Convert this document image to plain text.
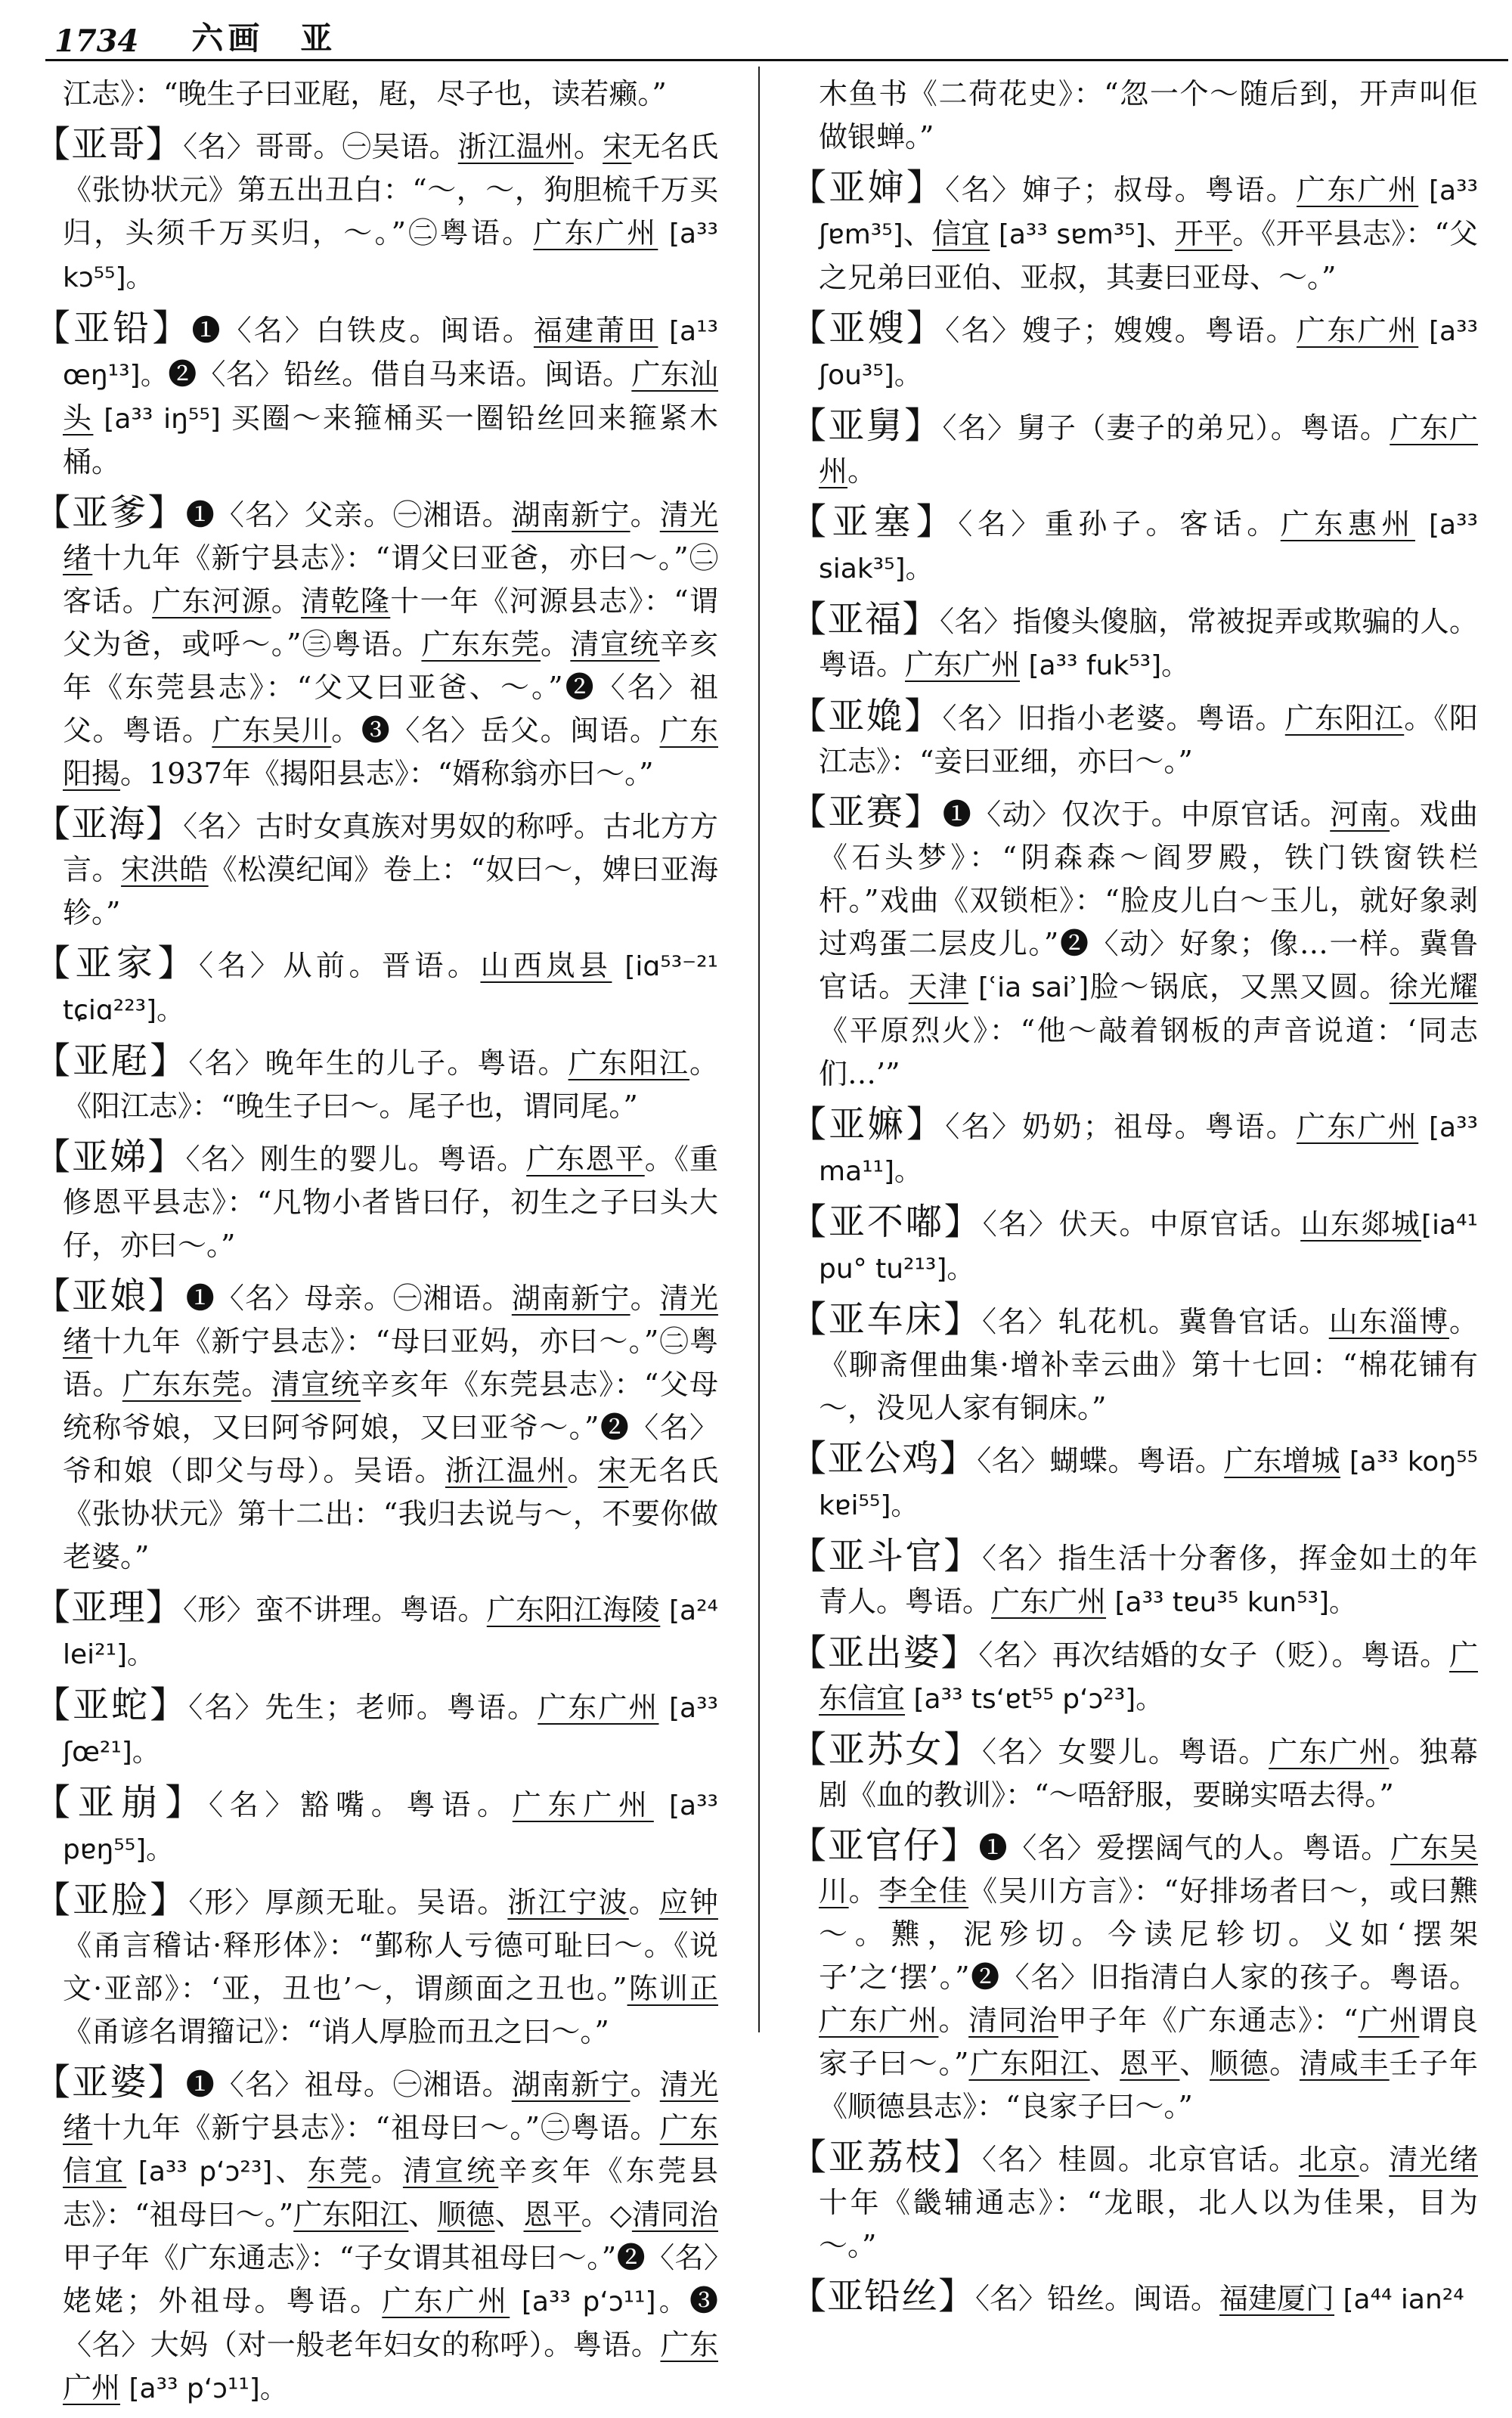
1734 六画　亚
江志》：“晚生子曰亚屘，屘，尽子也，读若癞。”
【亚哥】〈名〉哥哥。㊀吴语。浙江温州。宋无名氏《张协状元》第五出丑白：“～，～，狗胆梳千万买归，头须千万买归，～。”㊁粤语。广东广州 [a³³ kɔ⁵⁵]。
【亚铅】❶〈名〉白铁皮。闽语。福建莆田 [a¹³ œŋ¹³]。❷〈名〉铅丝。借自马来语。闽语。广东汕头 [a³³ iŋ⁵⁵] 买圈～来箍桶买一圈铅丝回来箍紧木桶。
【亚爹】❶〈名〉父亲。㊀湘语。湖南新宁。清光绪十九年《新宁县志》：“谓父曰亚爸，亦曰～。”㊁客话。广东河源。清乾隆十一年《河源县志》：“谓父为爸，或呼～。”㊂粤语。广东东莞。清宣统辛亥年《东莞县志》：“父又曰亚爸、～。”❷〈名〉祖父。粤语。广东吴川。❸〈名〉岳父。闽语。广东阳揭。1937年《揭阳县志》：“婿称翁亦曰～。”
【亚海】〈名〉古时女真族对男奴的称呼。古北方方言。宋洪皓《松漠纪闻》卷上：“奴曰～，婢曰亚海轸。”
【亚家】〈名〉从前。晋语。山西岚县 [iɑ⁵³⁻²¹ tɕiɑ²²³]。
【亚屘】〈名〉晚年生的儿子。粤语。广东阳江。《阳江志》：“晚生子曰～。尾子也，谓同尾。”
【亚娣】〈名〉刚生的婴儿。粤语。广东恩平。《重修恩平县志》：“凡物小者皆曰仔，初生之子曰头大仔，亦曰～。”
【亚娘】❶〈名〉母亲。㊀湘语。湖南新宁。清光绪十九年《新宁县志》：“母曰亚妈，亦曰～。”㊁粤语。广东东莞。清宣统辛亥年《东莞县志》：“父母统称爷娘，又曰阿爷阿娘，又曰亚爷～。”❷〈名〉爷和娘（即父与母）。吴语。浙江温州。宋无名氏《张协状元》第十二出：“我归去说与～，不要你做老婆。”
【亚理】〈形〉蛮不讲理。粤语。广东阳江海陵 [a²⁴ lei²¹]。
【亚蛇】〈名〉先生；老师。粤语。广东广州 [a³³ ʃœ²¹]。
【亚崩】〈名〉豁嘴。粤语。广东广州 [a³³ pɐŋ⁵⁵]。
【亚脸】〈形〉厚颜无耻。吴语。浙江宁波。应钟《甬言稽诂·释形体》：“鄞称人亏德可耻曰～。《说文·亚部》：‘亚，丑也’～，谓颜面之丑也。”陈训正《甬谚名谓籀记》：“诮人厚脸而丑之曰～。”
【亚婆】❶〈名〉祖母。㊀湘语。湖南新宁。清光绪十九年《新宁县志》：“祖母曰～。”㊁粤语。广东信宜 [a³³ p‘ɔ²³]、东莞。清宣统辛亥年《东莞县志》：“祖母曰～。”广东阳江、顺德、恩平。◇清同治甲子年《广东通志》：“子女谓其祖母曰～。”❷〈名〉姥姥；外祖母。粤语。广东广州 [a³³ p‘ɔ¹¹]。❸〈名〉大妈（对一般老年妇女的称呼）。粤语。广东广州 [a³³ p‘ɔ¹¹]。
木鱼书《二荷花史》：“忽一个～随后到，开声叫佢做银蝉。”
【亚婶】〈名〉婶子；叔母。粤语。广东广州 [a³³ ʃɐm³⁵]、信宜 [a³³ sɐm³⁵]、开平。《开平县志》：“父之兄弟曰亚伯、亚叔，其妻曰亚母、～。”
【亚嫂】〈名〉嫂子；嫂嫂。粤语。广东广州 [a³³ ʃou³⁵]。
【亚舅】〈名〉舅子（妻子的弟兄）。粤语。广东广州。
【亚塞】〈名〉重孙子。客话。广东惠州 [a³³ siak³⁵]。
【亚福】〈名〉指傻头傻脑，常被捉弄或欺骗的人。粤语。广东广州 [a³³ fuk⁵³]。
【亚嫓】〈名〉旧指小老婆。粤语。广东阳江。《阳江志》：“妾曰亚细，亦曰～。”
【亚赛】❶〈动〉仅次于。中原官话。河南。戏曲《石头梦》：“阴森森～阎罗殿，铁门铁窗铁栏杆。”戏曲《双锁柜》：“脸皮儿白～玉儿，就好象剥过鸡蛋二层皮儿。”❷〈动〉好象；像…一样。冀鲁官话。天津 [ʿia saiʾ]脸～锅底，又黑又圆。徐光耀《平原烈火》：“他～敲着钢板的声音说道：‘同志们…’”
【亚嫲】〈名〉奶奶；祖母。粤语。广东广州 [a³³ ma¹¹]。
【亚不嘟】〈名〉伏天。中原官话。山东郯城[ia⁴¹ pu° tu²¹³]。
【亚车床】〈名〉轧花机。冀鲁官话。山东淄博。《聊斋俚曲集·增补幸云曲》第十七回：“棉花铺有～，没见人家有铜床。”
【亚公鸡】〈名〉蝴蝶。粤语。广东增城 [a³³ koŋ⁵⁵ kɐi⁵⁵]。
【亚斗官】〈名〉指生活十分奢侈，挥金如土的年青人。粤语。广东广州 [a³³ tɐu³⁵ kun⁵³]。
【亚出婆】〈名〉再次结婚的女子（贬）。粤语。广东信宜 [a³³ ts‘ɐt⁵⁵ p‘ɔ²³]。
【亚苏女】〈名〉女婴儿。粤语。广东广州。独幕剧《血的教训》：“～唔舒服，要睇实唔去得。”
【亚官仔】❶〈名〉爱摆阔气的人。粤语。广东吴川。李全佳《吴川方言》：“好排场者曰～，或曰㸐～。㸐，泥殄切。今读尼轸切。义如‘摆架子’之‘摆’。”❷〈名〉旧指清白人家的孩子。粤语。广东广州。清同治甲子年《广东通志》：“广州谓良家子曰～。”广东阳江、恩平、顺德。清咸丰壬子年《顺德县志》：“良家子曰～。”
【亚荔枝】〈名〉桂圆。北京官话。北京。清光绪十年《畿辅通志》：“龙眼，北人以为佳果，目为～。”
【亚铅丝】〈名〉铅丝。闽语。福建厦门 [a⁴⁴ ian²⁴
